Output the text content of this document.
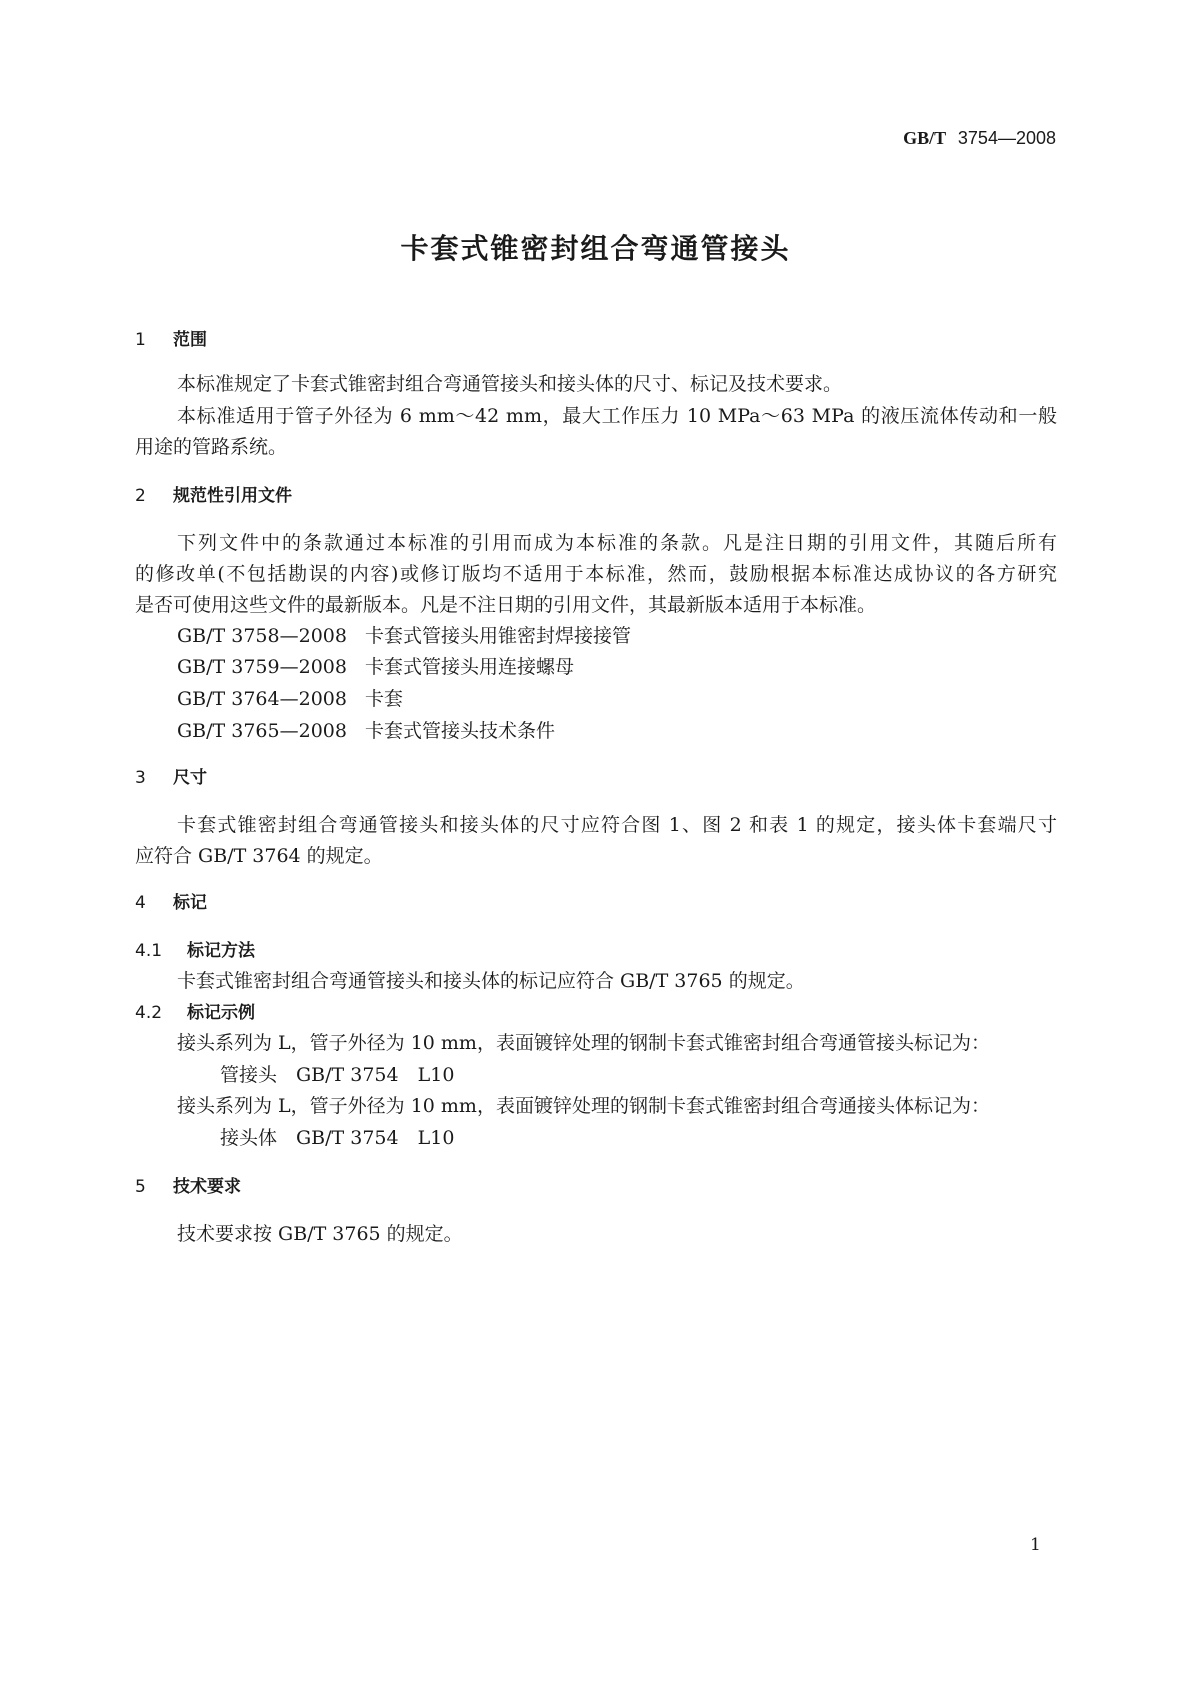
GB/T 3754—2008
卡套式锥密封组合弯通管接头
1 范围
本标准规定了卡套式锥密封组合弯通管接头和接头体的尺寸、标记及技术要求。
本标准适用于管子外径为 6 mm～42 mm，最大工作压力 10 MPa～63 MPa 的液压流体传动和一般
用途的管路系统。
2 规范性引用文件
下列文件中的条款通过本标准的引用而成为本标准的条款。凡是注日期的引用文件，其随后所有
的修改单(不包括勘误的内容)或修订版均不适用于本标准，然而，鼓励根据本标准达成协议的各方研究
是否可使用这些文件的最新版本。凡是不注日期的引用文件，其最新版本适用于本标准。
GB/T 3758—2008 卡套式管接头用锥密封焊接接管
GB/T 3759—2008 卡套式管接头用连接螺母
GB/T 3764—2008 卡套
GB/T 3765—2008 卡套式管接头技术条件
3 尺寸
卡套式锥密封组合弯通管接头和接头体的尺寸应符合图 1、图 2 和表 1 的规定，接头体卡套端尺寸
应符合 GB/T 3764 的规定。
4 标记
4.1 标记方法
卡套式锥密封组合弯通管接头和接头体的标记应符合 GB/T 3765 的规定。
4.2 标记示例
接头系列为 L，管子外径为 10 mm，表面镀锌处理的钢制卡套式锥密封组合弯通管接头标记为：
管接头　GB/T 3754　L10
接头系列为 L，管子外径为 10 mm，表面镀锌处理的钢制卡套式锥密封组合弯通接头体标记为：
接头体　GB/T 3754　L10
5 技术要求
技术要求按 GB/T 3765 的规定。
1
